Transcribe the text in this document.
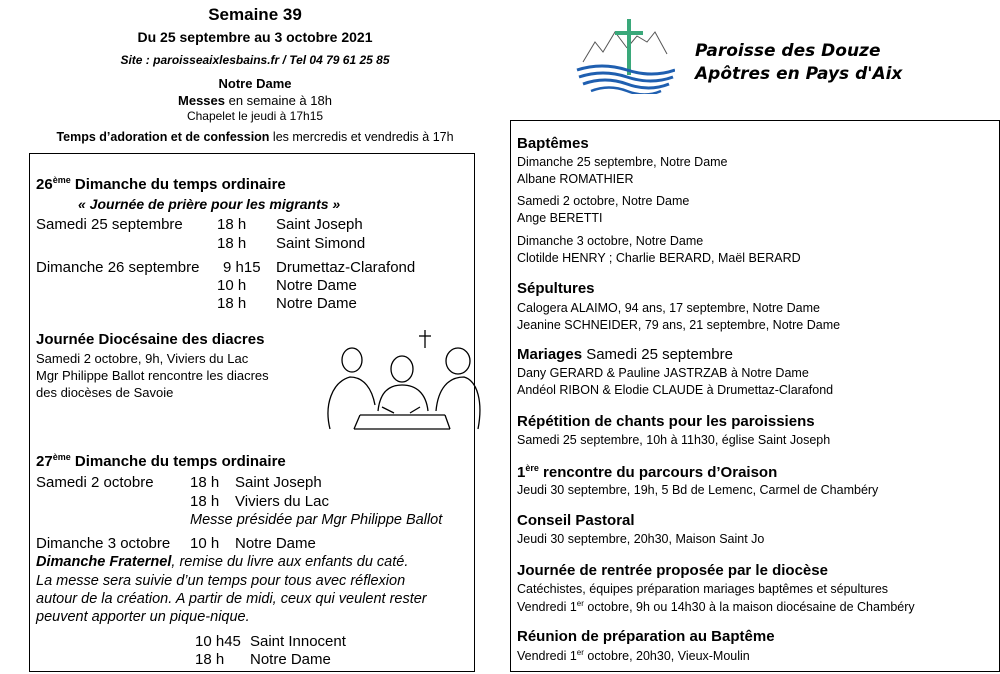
Semaine 39
Du 25 septembre au 3 octobre 2021
Site : paroisseaixlesbains.fr / Tel 04 79 61 25 85
Notre Dame
Messes en semaine à 18h
Chapelet le jeudi à 17h15
Temps d’adoration et de confession les mercredis et vendredis à 17h
Paroisse des Douze
Apôtres en Pays d'Aix
26ème Dimanche du temps ordinaire
« Journée de prière pour les migrants »
Samedi 25 septembre 18 h Saint Joseph
18 h Saint Simond
Dimanche 26 septembre 9 h15 Drumettaz-Clarafond
10 h Notre Dame
18 h Notre Dame
Journée Diocésaine des diacres
Samedi 2 octobre, 9h, Viviers du Lac
Mgr Philippe Ballot rencontre les diacres
des diocèses de Savoie
27ème Dimanche du temps ordinaire
Samedi 2 octobre 18 h Saint Joseph
18 h Viviers du Lac
Messe présidée par Mgr Philippe Ballot
Dimanche 3 octobre 10 h Notre Dame
Dimanche Fraternel, remise du livre aux enfants du caté.
La messe sera suivie d’un temps pour tous avec réflexion
autour de la création. A partir de midi, ceux qui veulent rester
peuvent apporter un pique-nique.
10 h45 Saint Innocent
18 h Notre Dame
Baptêmes
Dimanche 25 septembre, Notre Dame
Albane ROMATHIER
Samedi 2 octobre, Notre Dame
Ange BERETTI
Dimanche 3 octobre, Notre Dame
Clotilde HENRY ; Charlie BERARD, Maël BERARD
Sépultures
Calogera ALAIMO, 94 ans, 17 septembre, Notre Dame
Jeanine SCHNEIDER, 79 ans, 21 septembre, Notre Dame
Mariages Samedi 25 septembre
Dany GERARD & Pauline JASTRZAB à Notre Dame
Andéol RIBON & Elodie CLAUDE à Drumettaz-Clarafond
Répétition de chants pour les paroissiens
Samedi 25 septembre, 10h à 11h30, église Saint Joseph
1ère rencontre du parcours d’Oraison
Jeudi 30 septembre, 19h, 5 Bd de Lemenc, Carmel de Chambéry
Conseil Pastoral
Jeudi 30 septembre, 20h30, Maison Saint Jo
Journée de rentrée proposée par le diocèse
Catéchistes, équipes préparation mariages baptêmes et sépultures
Vendredi 1er octobre, 9h ou 14h30 à la maison diocésaine de Chambéry
Réunion de préparation au Baptême
Vendredi 1er octobre, 20h30, Vieux-Moulin
